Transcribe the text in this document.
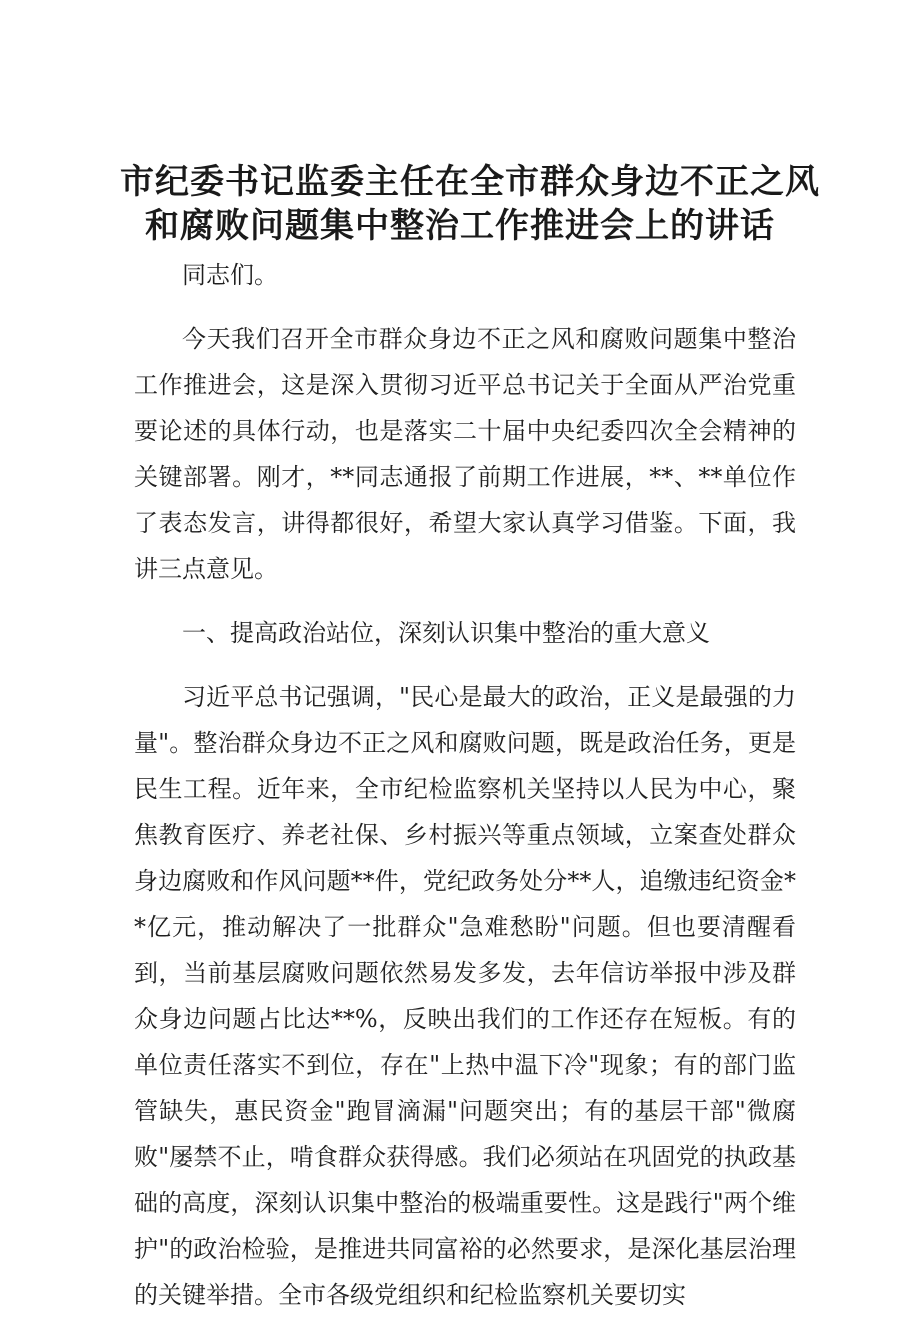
市纪委书记监委主任在全市群众身边不正之风
和腐败问题集中整治工作推进会上的讲话

同志们。

今天我们召开全市群众身边不正之风和腐败问题集中整治工作推进会，这是深入贯彻习近平总书记关于全面从严治党重要论述的具体行动，也是落实二十届中央纪委四次全会精神的关键部署。刚才，**同志通报了前期工作进展，**、**单位作了表态发言，讲得都很好，希望大家认真学习借鉴。下面，我讲三点意见。

一、提高政治站位，深刻认识集中整治的重大意义

习近平总书记强调，"民心是最大的政治，正义是最强的力量"。整治群众身边不正之风和腐败问题，既是政治任务，更是民生工程。近年来，全市纪检监察机关坚持以人民为中心，聚焦教育医疗、养老社保、乡村振兴等重点领域，立案查处群众身边腐败和作风问题**件，党纪政务处分**人，追缴违纪资金**亿元，推动解决了一批群众"急难愁盼"问题。但也要清醒看到，当前基层腐败问题依然易发多发，去年信访举报中涉及群众身边问题占比达**%，反映出我们的工作还存在短板。有的单位责任落实不到位，存在"上热中温下冷"现象；有的部门监管缺失，惠民资金"跑冒滴漏"问题突出；有的基层干部"微腐败"屡禁不止，啃食群众获得感。我们必须站在巩固党的执政基础的高度，深刻认识集中整治的极端重要性。这是践行"两个维护"的政治检验，是推进共同富裕的必然要求，是深化基层治理的关键举措。全市各级党组织和纪检监察机关要切实
